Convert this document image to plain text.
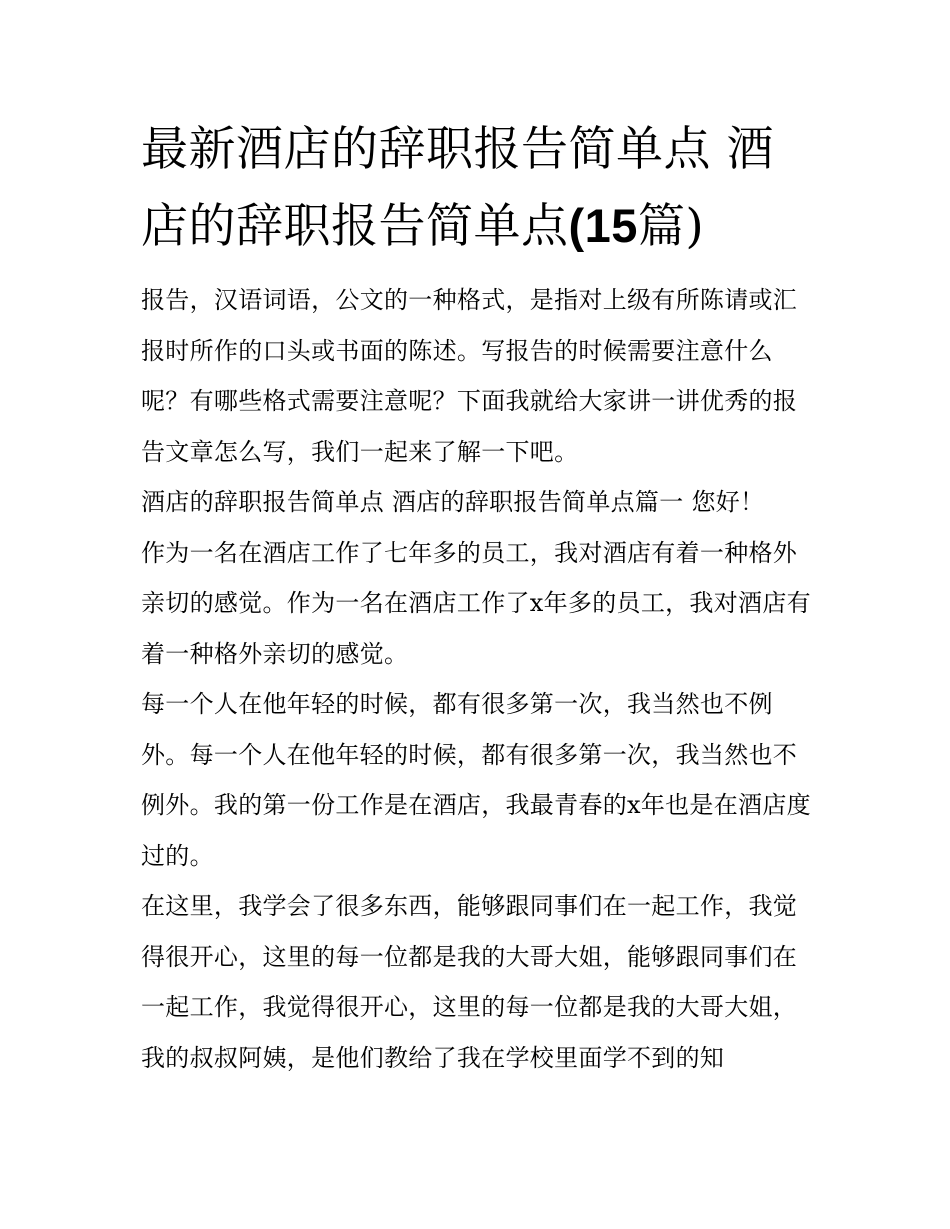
最新酒店的辞职报告简单点 酒店的辞职报告简单点(15篇)

报告，汉语词语，公文的一种格式，是指对上级有所陈请或汇报时所作的口头或书面的陈述。写报告的时候需要注意什么呢？有哪些格式需要注意呢？下面我就给大家讲一讲优秀的报告文章怎么写，我们一起来了解一下吧。

酒店的辞职报告简单点 酒店的辞职报告简单点篇一 您好！

作为一名在酒店工作了七年多的员工，我对酒店有着一种格外亲切的感觉。作为一名在酒店工作了x年多的员工，我对酒店有着一种格外亲切的感觉。

每一个人在他年轻的时候，都有很多第一次，我当然也不例外。每一个人在他年轻的时候，都有很多第一次，我当然也不例外。我的第一份工作是在酒店，我最青春的x年也是在酒店度过的。

在这里，我学会了很多东西，能够跟同事们在一起工作，我觉得很开心，这里的每一位都是我的大哥大姐，能够跟同事们在一起工作，我觉得很开心，这里的每一位都是我的大哥大姐，我的叔叔阿姨，是他们教给了我在学校里面学不到的知
